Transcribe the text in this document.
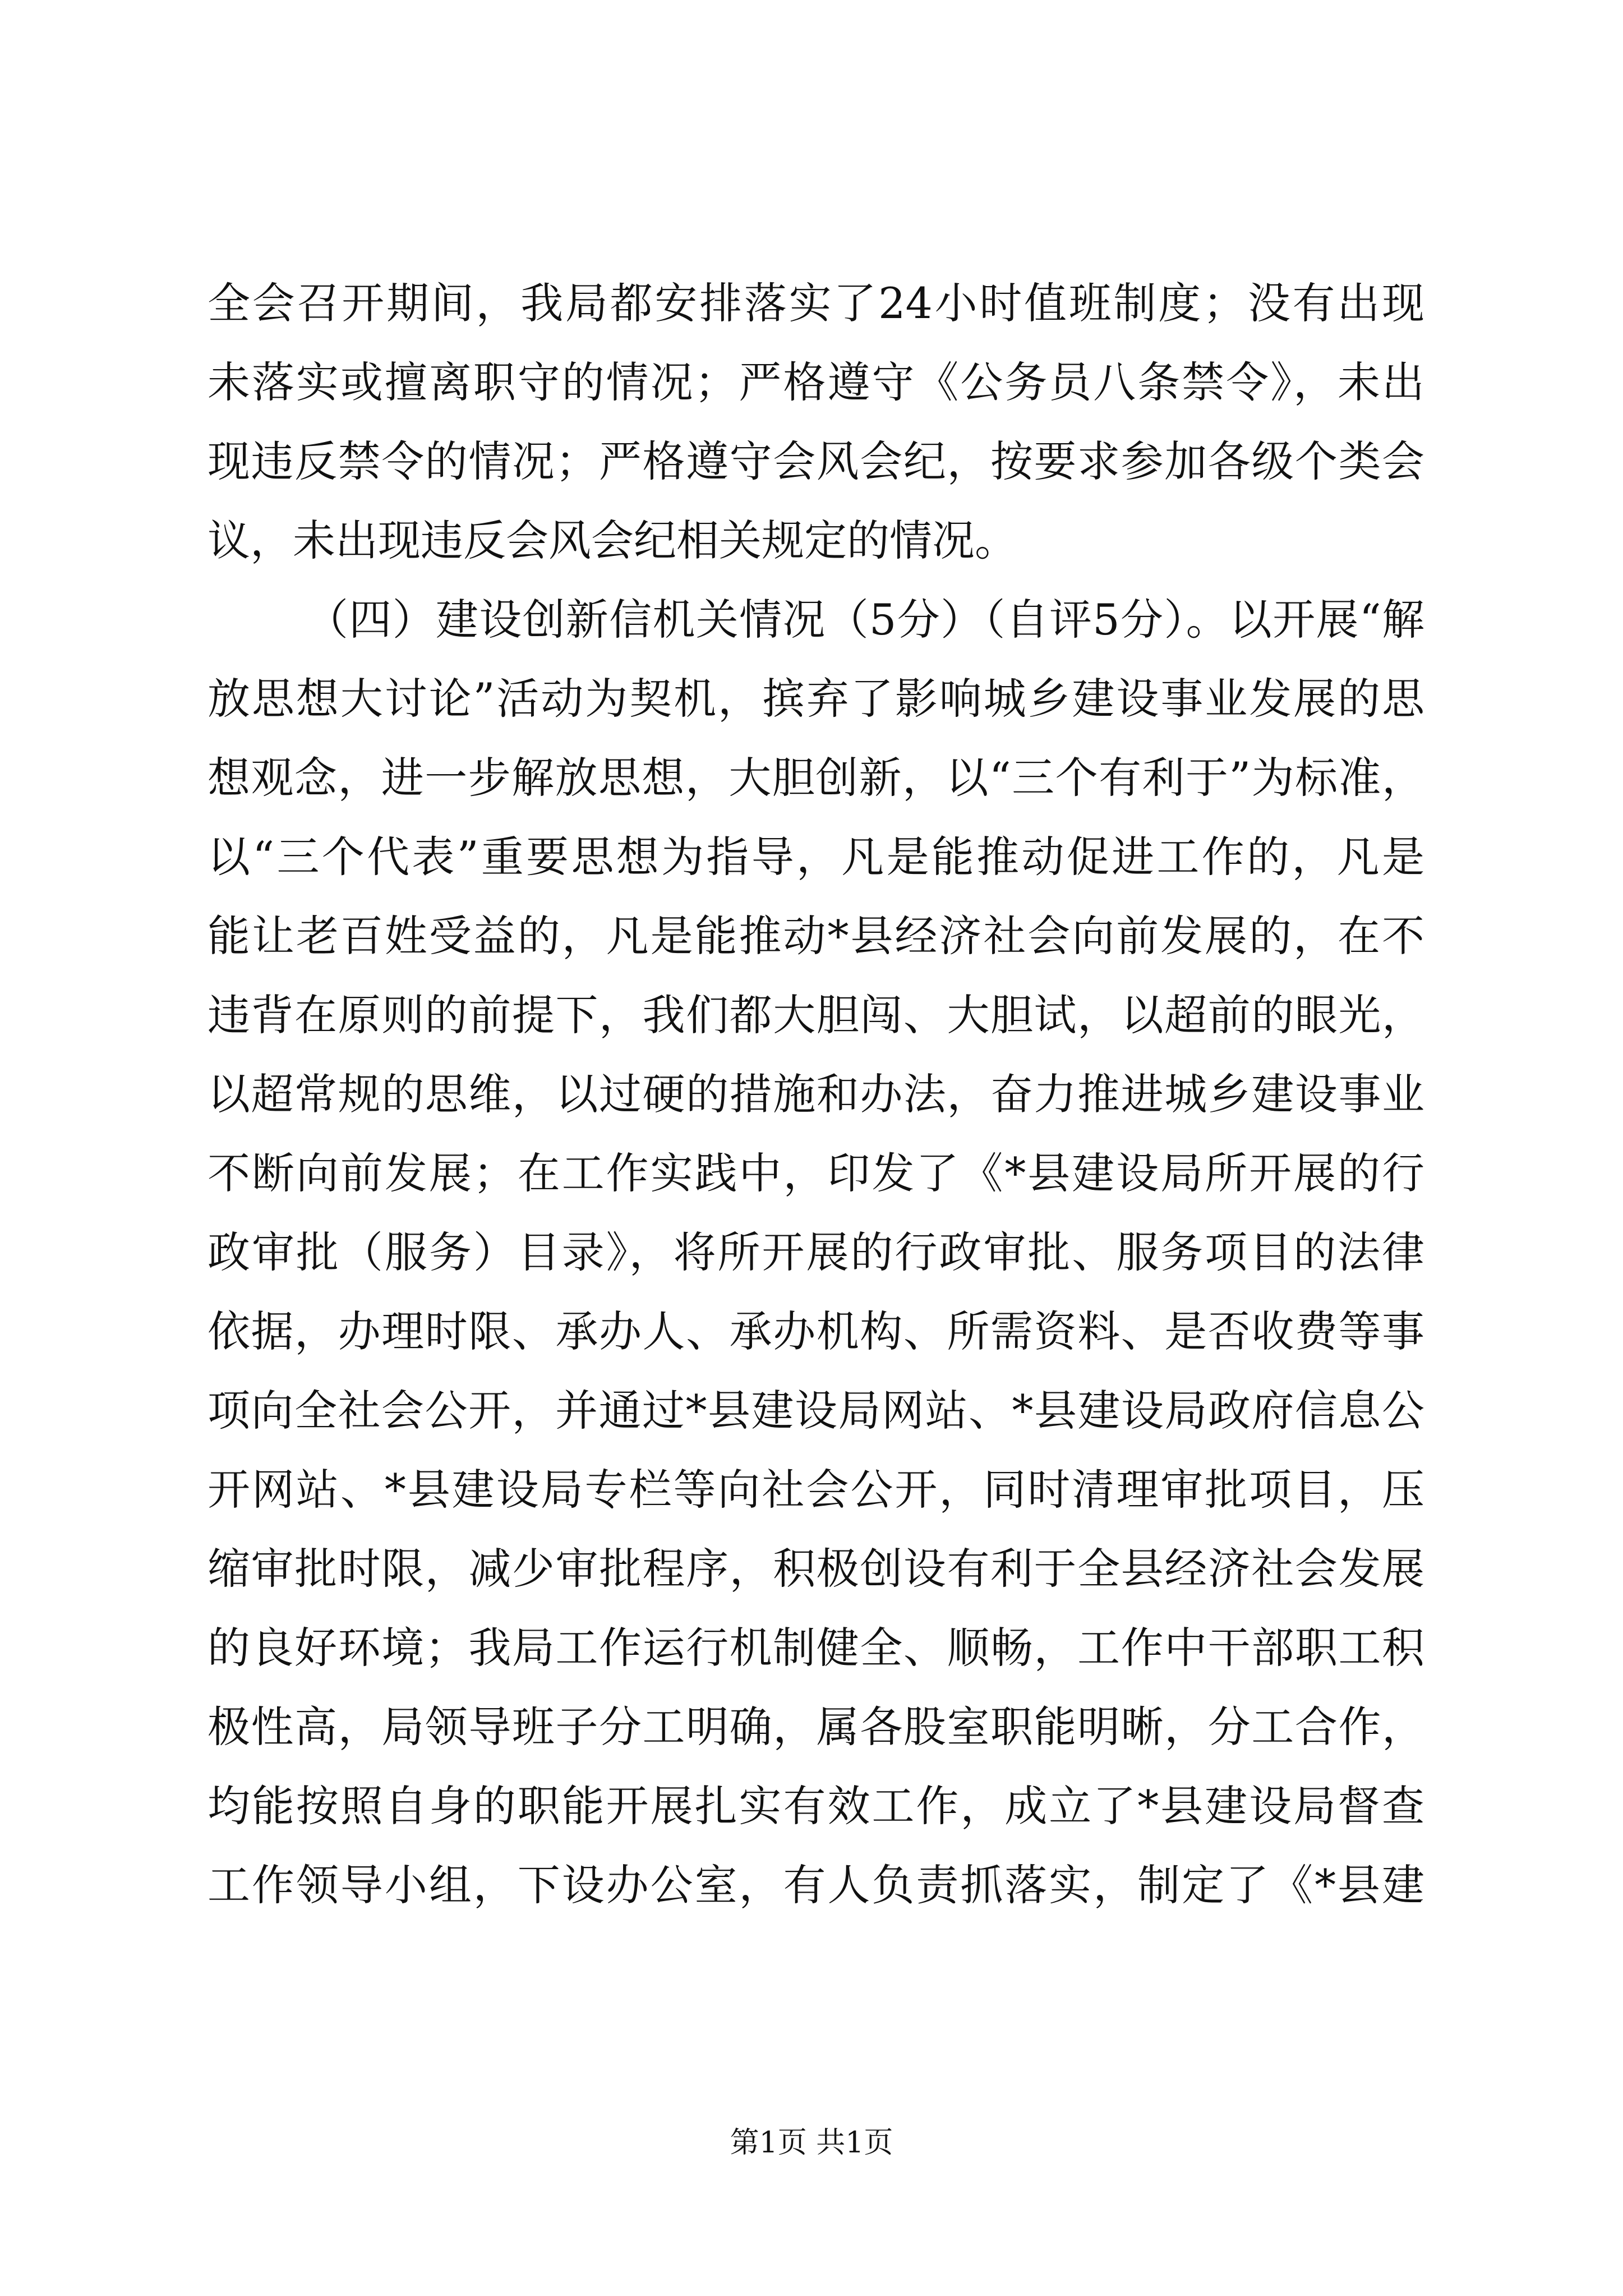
全会召开期间，我局都安排落实了24小时值班制度；没有出现
未落实或擅离职守的情况；严格遵守《公务员八条禁令》，未出
现违反禁令的情况；严格遵守会风会纪，按要求参加各级个类会
议，未出现违反会风会纪相关规定的情况。
（四）建设创新信机关情况（5分）（自评5分）。以开展“解
放思想大讨论”活动为契机，摈弃了影响城乡建设事业发展的思
想观念，进一步解放思想，大胆创新，以“三个有利于”为标准，
以“三个代表”重要思想为指导，凡是能推动促进工作的，凡是
能让老百姓受益的，凡是能推动*县经济社会向前发展的，在不
违背在原则的前提下，我们都大胆闯、大胆试，以超前的眼光，
以超常规的思维，以过硬的措施和办法，奋力推进城乡建设事业
不断向前发展；在工作实践中，印发了《*县建设局所开展的行
政审批（服务）目录》，将所开展的行政审批、服务项目的法律
依据，办理时限、承办人、承办机构、所需资料、是否收费等事
项向全社会公开，并通过*县建设局网站、*县建设局政府信息公
开网站、*县建设局专栏等向社会公开，同时清理审批项目，压
缩审批时限，减少审批程序，积极创设有利于全县经济社会发展
的良好环境；我局工作运行机制健全、顺畅，工作中干部职工积
极性高，局领导班子分工明确，属各股室职能明晰，分工合作，
均能按照自身的职能开展扎实有效工作，成立了*县建设局督查
工作领导小组，下设办公室，有人负责抓落实，制定了《*县建
第1页 共1页
